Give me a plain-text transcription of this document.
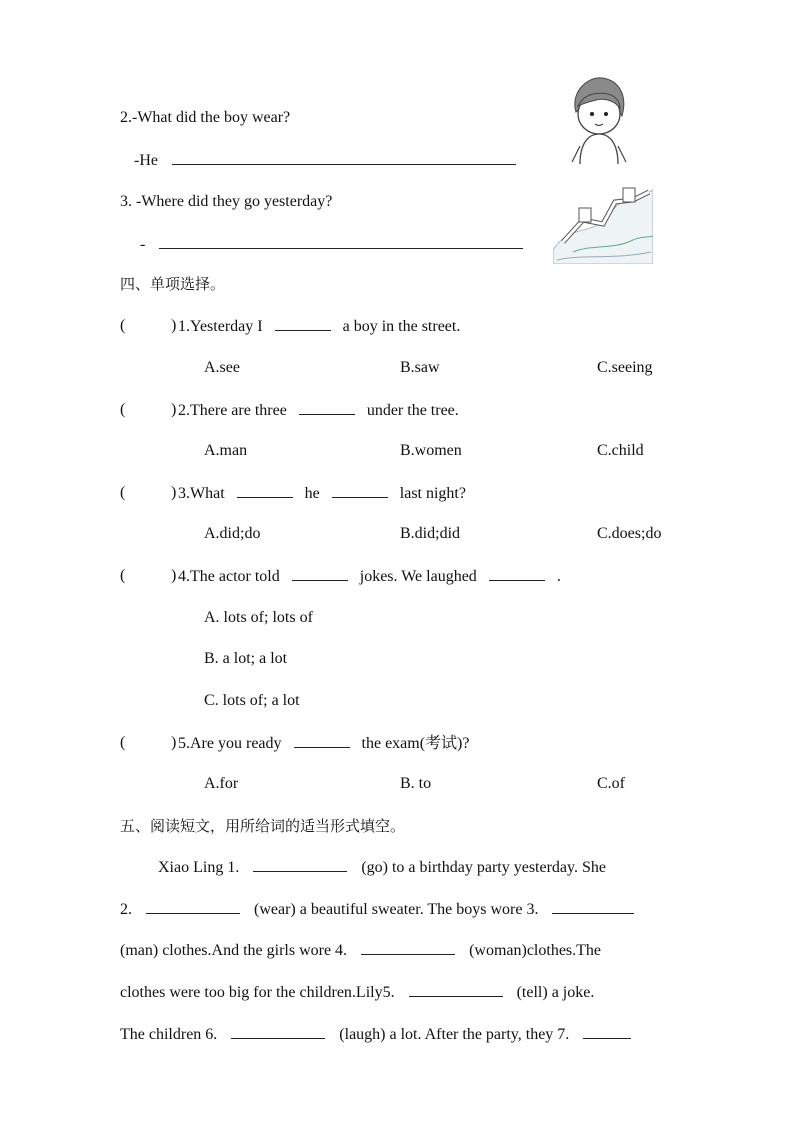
2.-What did the boy wear?
-He
3. -Where did they go yesterday?
-
四、单项选择。
(	) 1.Yesterday I	a boy in the street.
A.see	B.saw	C.seeing
(	) 2.There are three	under the tree.
A.man	B.women	C.child
(	) 3.What	he	last night?
A.did;do	B.did;did	C.does;do
(	) 4.The actor told	jokes. We laughed	.
A. lots of; lots of
B. a lot; a lot
C. lots of; a lot
(	) 5.Are you ready	the exam(考试)?
A.for	B. to	C.of
五、阅读短文，用所给词的适当形式填空。
Xiao Ling 1.	(go) to a birthday party yesterday. She
2.	(wear) a beautiful sweater. The boys wore 3.
(man) clothes.And the girls wore 4.	(woman)clothes.The
clothes were too big for the children.Lily5.	(tell) a joke.
The children 6.	(laugh) a lot. After the party, they 7.
